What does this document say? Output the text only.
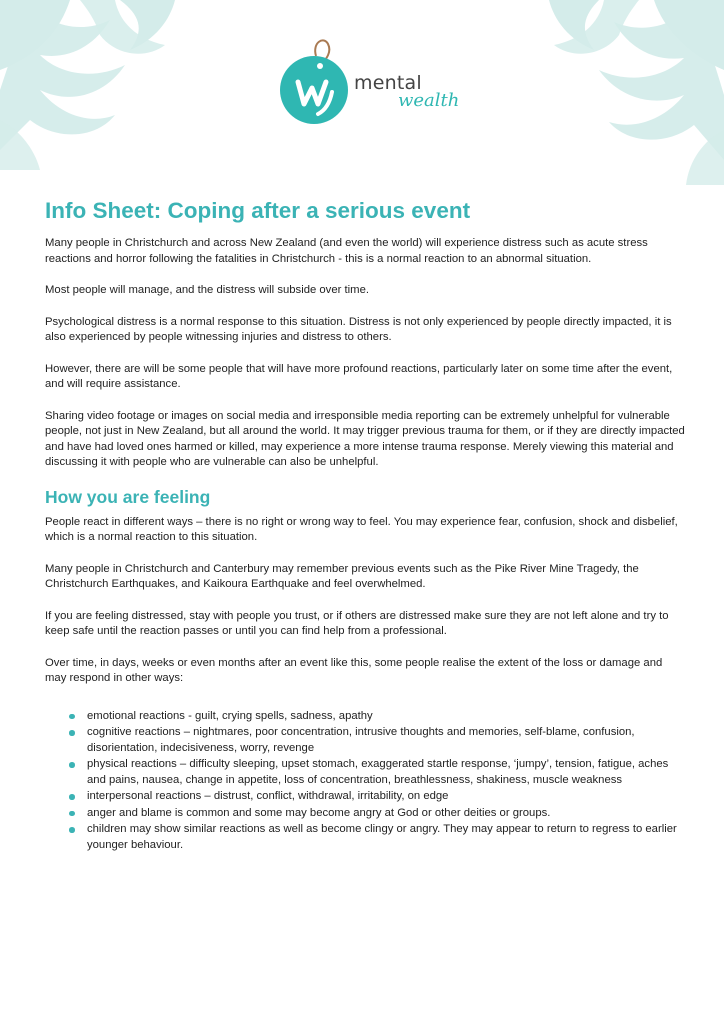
mental
wealth
Info Sheet: Coping after a serious event

Many people in Christchurch and across New Zealand (and even the world) will experience distress such as acute stress reactions and horror following the fatalities in Christchurch - this is a normal reaction to an abnormal situation.

Most people will manage, and the distress will subside over time.

Psychological distress is a normal response to this situation. Distress is not only experienced by people directly impacted, it is also experienced by people witnessing injuries and distress to others.

However, there are will be some people that will have more profound reactions, particularly later on some time after the event, and will require assistance.

Sharing video footage or images on social media and irresponsible media reporting can be extremely unhelpful for vulnerable people, not just in New Zealand, but all around the world. It may trigger previous trauma for them, or if they are directly impacted and have had loved ones harmed or killed, may experience a more intense trauma response. Merely viewing this material and discussing it with people who are vulnerable can also be unhelpful.

How you are feeling

People react in different ways – there is no right or wrong way to feel. You may experience fear, confusion, shock and disbelief, which is a normal reaction to this situation.

Many people in Christchurch and Canterbury may remember previous events such as the Pike River Mine Tragedy, the Christchurch Earthquakes, and Kaikoura Earthquake and feel overwhelmed.

If you are feeling distressed, stay with people you trust, or if others are distressed make sure they are not left alone and try to keep safe until the reaction passes or until you can find help from a professional.

Over time, in days, weeks or even months after an event like this, some people realise the extent of the loss or damage and may respond in other ways:

emotional reactions - guilt, crying spells, sadness, apathy
cognitive reactions – nightmares, poor concentration, intrusive thoughts and memories, self-blame, confusion, disorientation, indecisiveness, worry, revenge
physical reactions – difficulty sleeping, upset stomach, exaggerated startle response, ‘jumpy’, tension, fatigue, aches and pains, nausea, change in appetite, loss of concentration, breathlessness, shakiness, muscle weakness
interpersonal reactions – distrust, conflict, withdrawal, irritability, on edge
anger and blame is common and some may become angry at God or other deities or groups.
children may show similar reactions as well as become clingy or angry. They may appear to return to regress to earlier younger behaviour.
